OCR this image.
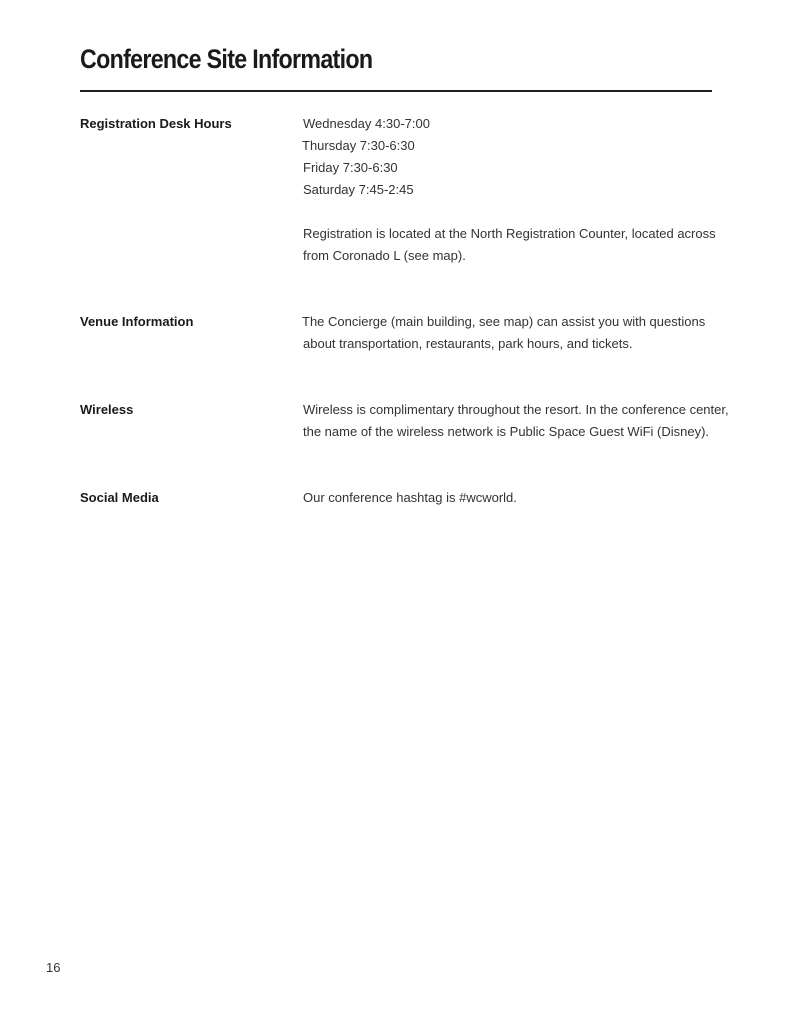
Conference Site Information
Registration Desk Hours	Wednesday 4:30-7:00
Thursday 7:30-6:30
Friday 7:30-6:30
Saturday 7:45-2:45
Registration is located at the North Registration Counter, located across
from Coronado L (see map).
Venue Information	The Concierge (main building, see map) can assist you with questions
about transportation, restaurants, park hours, and tickets.
Wireless	Wireless is complimentary throughout the resort. In the conference center,
the name of the wireless network is Public Space Guest WiFi (Disney).
Social Media	Our conference hashtag is #wcworld.
16
